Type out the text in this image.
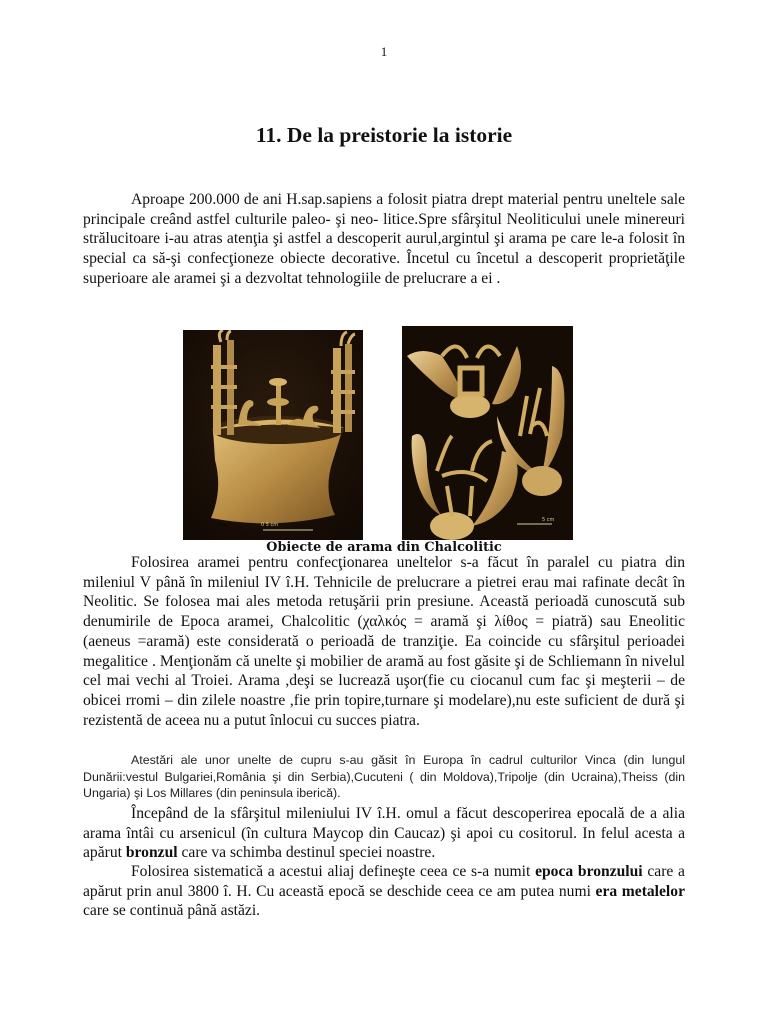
1
11. De la preistorie la istorie

Aproape 200.000 de ani H.sap.sapiens a folosit piatra drept material pentru uneltele sale principale creând astfel culturile paleo- şi neo- litice.Spre sfârşitul Neoliticului unele minereuri strălucitoare i-au atras atenţia şi astfel a descoperit aurul,argintul şi arama pe care le-a folosit în special ca să-şi confecţioneze obiecte decorative. Încetul cu încetul a descoperit proprietăţile superioare ale aramei şi a dezvoltat tehnologiile de prelucrare a ei .

0 5 cm
5 cm
Obiecte de arama din Chalcolitic

Folosirea aramei pentru confecţionarea uneltelor s-a făcut în paralel cu piatra din mileniul V până în mileniul IV î.H. Tehnicile de prelucrare a pietrei erau mai rafinate decât în Neolitic. Se folosea mai ales metoda retuşării prin presiune. Această perioadă cunoscută sub denumirile de Epoca aramei, Chalcolitic (χαλκός = aramă şi λίθος = piatră) sau Eneolitic (aeneus =aramă) este considerată o perioadă de tranziţie. Ea coincide cu sfârşitul perioadei megalitice . Menţionăm că unelte şi mobilier de aramă au fost găsite şi de Schliemann în nivelul cel mai vechi al Troiei. Arama ,deşi se lucrează uşor(fie cu ciocanul cum fac şi meşterii – de obicei rromi – din zilele noastre ,fie prin topire,turnare şi modelare),nu este suficient de dură şi rezistentă de aceea nu a putut înlocui cu succes piatra.

Atestări ale unor unelte de cupru s-au găsit în Europa în cadrul culturilor Vinca (din lungul Dunării:vestul Bulgariei,România şi din Serbia),Cucuteni ( din Moldova),Tripolje (din Ucraina),Theiss (din Ungaria) şi Los Millares (din peninsula iberică).

Începând de la sfârşitul mileniului IV î.H. omul a făcut descoperirea epocală de a alia arama întâi cu arsenicul (în cultura Maycop din Caucaz) şi apoi cu cositorul. In felul acesta a apărut bronzul care va schimba destinul speciei noastre.

Folosirea sistematică a acestui aliaj defineşte ceea ce s-a numit epoca bronzului care a apărut prin anul 3800 î. H. Cu această epocă se deschide ceea ce am putea numi era metalelor care se continuă până astăzi.
